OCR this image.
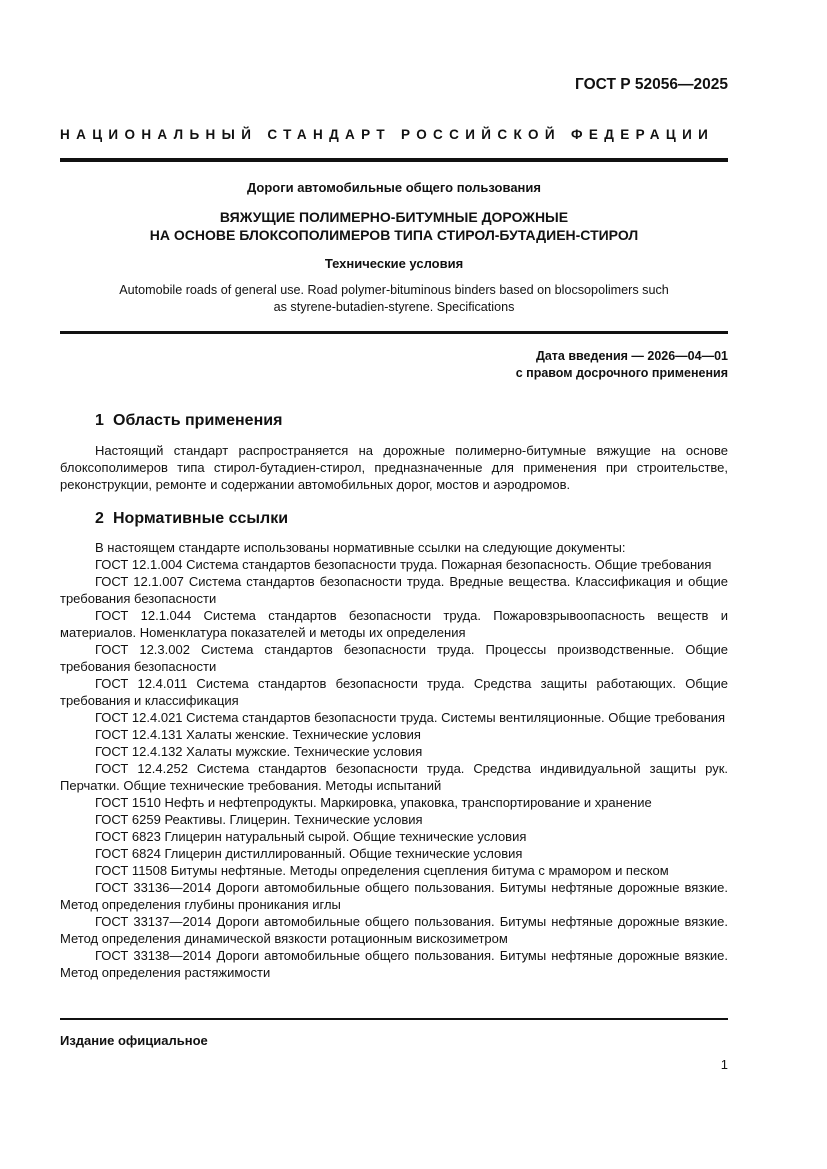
ГОСТ Р 52056—2025
НАЦИОНАЛЬНЫЙ СТАНДАРТ РОССИЙСКОЙ ФЕДЕРАЦИИ
Дороги автомобильные общего пользования
ВЯЖУЩИЕ ПОЛИМЕРНО-БИТУМНЫЕ ДОРОЖНЫЕ
НА ОСНОВЕ БЛОКСОПОЛИМЕРОВ ТИПА СТИРОЛ-БУТАДИЕН-СТИРОЛ
Технические условия
Automobile roads of general use. Road polymer-bituminous binders based on blocsopolimers such
as styrene-butadien-styrene. Specifications
Дата введения — 2026—04—01
с правом досрочного применения
1 Область применения

Настоящий стандарт распространяется на дорожные полимерно-битумные вяжущие на основе блоксополимеров типа стирол-бутадиен-стирол, предназначенные для применения при строительстве, реконструкции, ремонте и содержании автомобильных дорог, мостов и аэродромов.

2 Нормативные ссылки

В настоящем стандарте использованы нормативные ссылки на следующие документы:

ГОСТ 12.1.004 Система стандартов безопасности труда. Пожарная безопасность. Общие требования

ГОСТ 12.1.007 Система стандартов безопасности труда. Вредные вещества. Классификация и общие требования безопасности

ГОСТ 12.1.044 Система стандартов безопасности труда. Пожаровзрывоопасность веществ и материалов. Номенклатура показателей и методы их определения

ГОСТ 12.3.002 Система стандартов безопасности труда. Процессы производственные. Общие требования безопасности

ГОСТ 12.4.011 Система стандартов безопасности труда. Средства защиты работающих. Общие требования и классификация

ГОСТ 12.4.021 Система стандартов безопасности труда. Системы вентиляционные. Общие требования

ГОСТ 12.4.131 Халаты женские. Технические условия

ГОСТ 12.4.132 Халаты мужские. Технические условия

ГОСТ 12.4.252 Система стандартов безопасности труда. Средства индивидуальной защиты рук. Перчатки. Общие технические требования. Методы испытаний

ГОСТ 1510 Нефть и нефтепродукты. Маркировка, упаковка, транспортирование и хранение

ГОСТ 6259 Реактивы. Глицерин. Технические условия

ГОСТ 6823 Глицерин натуральный сырой. Общие технические условия

ГОСТ 6824 Глицерин дистиллированный. Общие технические условия

ГОСТ 11508 Битумы нефтяные. Методы определения сцепления битума с мрамором и песком

ГОСТ 33136—2014 Дороги автомобильные общего пользования. Битумы нефтяные дорожные вязкие. Метод определения глубины проникания иглы

ГОСТ 33137—2014 Дороги автомобильные общего пользования. Битумы нефтяные дорожные вязкие. Метод определения динамической вязкости ротационным вискозиметром

ГОСТ 33138—2014 Дороги автомобильные общего пользования. Битумы нефтяные дорожные вязкие. Метод определения растяжимости

Издание официальное
1
